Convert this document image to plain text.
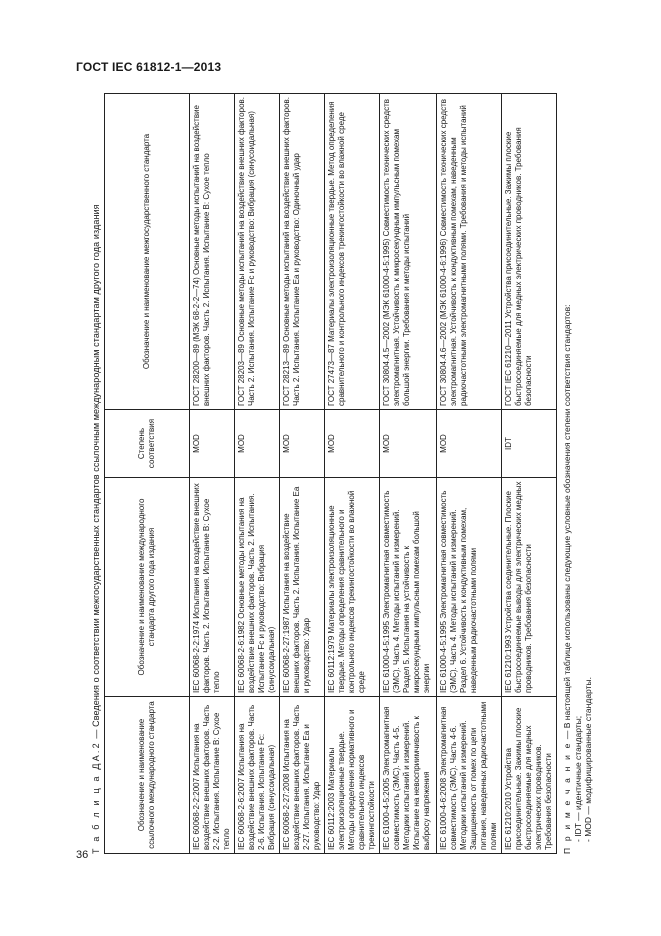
ГОСТ IEC 61812-1—2013
Т а б л и ц а ДА.2 — Сведения о соответствии межгосударственных стандартов ссылочным международным стандартам другого года издания
Обозначение и наименование ссылочного международного стандарта	Обозначение и наименование международного стандарта другого года издания	Степень соответствия	Обозначение и наименование межгосударственного стандарта
IEC 60068-2-2:2007 Испытания на воздействие внешних факторов. Часть 2-2. Испытания. Испытание B: Сухое тепло	IEC 60068-2-2:1974 Испытания на воздействие внешних факторов. Часть 2. Испытания. Испытание B: Сухое тепло	MOD	ГОСТ 28200—89 (МЭК 68-2-2—74) Основные методы испытаний на воздействие внешних факторов. Часть 2. Испытания. Испытание B: Сухое тепло
IEC 60068-2-6:2007 Испытания на воздействие внешних факторов. Часть 2-6. Испытания. Испытание Fc: Вибрация (синусоидальная)	IEC 60068-2-6:1982 Основные методы испытания на воздействие внешних факторов. Часть 2. Испытания. Испытание Fc и руководство: Вибрация (синусоидальная)	MOD	ГОСТ 28203—89 Основные методы испытаний на воздействие внешних факторов. Часть 2. Испытания. Испытание Fc и руководство: Вибрация (синусоидальная)
IEC 60068-2-27:2008 Испытания на воздействие внешних факторов. Часть 2-27. Испытания. Испытание Ea и руководство: Удар	IEC 60068-2-27:1987 Испытания на воздействие внешних факторов. Часть 2. Испытания. Испытание Ea и руководство: Удар	MOD	ГОСТ 28213—89 Основные методы испытаний на воздействие внешних факторов. Часть 2. Испытания. Испытание Ea и руководство: Одиночный удар
IEC 60112:2003 Материалы электроизоляционные твердые. Методы определения нормативного и сравнительного индексов трекингостойкости	IEC 60112:1979 Материалы электроизоляционные твердые. Методы определения сравнительного и контрольного индексов трекингостойкости во влажной среде	MOD	ГОСТ 27473—87 Материалы электроизоляционные твердые. Метод определения сравнительного и контрольного индексов трекингостойкости во влажной среде
IEC 61000-4-5:2005 Электромагнитная совместимость (ЭМС). Часть 4-5. Методики испытаний и измерений. Испытание на невосприимчивость к выбросу напряжения	IEC 61000-4-5:1995 Электромагнитная совместимость (ЭМС). Часть 4. Методы испытаний и измерений. Раздел 5. Испытания на устойчивость к микросекундным импульсным помехам большой энергии	MOD	ГОСТ 30804.4.5—2002 (МЭК 61000-4-5:1995) Совместимость технических средств электромагнитная. Устойчивость к микросекундным импульсным помехам большой энергии. Требования и методы испытаний
IEC 61000-4-6:2008 Электромагнитная совместимость (ЭМС). Часть 4-6. Методики испытаний и измерений. Защищенность от помех по цепи питания, наведенных радиочастотными полями	IEC 61000-4-5:1995 Электромагнитная совместимость (ЭМС). Часть 4. Методы испытаний и измерений. Раздел 6. Устойчивость к кондуктивным помехам, наведенным радиочастотными полями	MOD	ГОСТ 30804.4.6—2002 (МЭК 61000-4-6:1996) Совместимость технических средств электромагнитная. Устойчивость к кондуктивным помехам, наведенным радиочастотными электромагнитными полями. Требования и методы испытаний
IEC 61210:2010 Устройства присоединительные. Зажимы плоские быстросоединяемые для медных электрических проводников. Требования безопасности	IEC 61210:1993 Устройства соединительные. Плоские быстросоединяемые выводы для электрических медных проводников. Требования безопасности	IDT	ГОСТ IEC 61210—2011 Устройства присоединительные. Зажимы плоские быстросоединяемые для медных электрических проводников. Требования безопасности
П р и м е ч а н и е — В настоящей таблице использованы следующие условные обозначения степени соответствия стандартов:
- IDT — идентичные стандарты; - MOD — модифицированные стандарты.
36
